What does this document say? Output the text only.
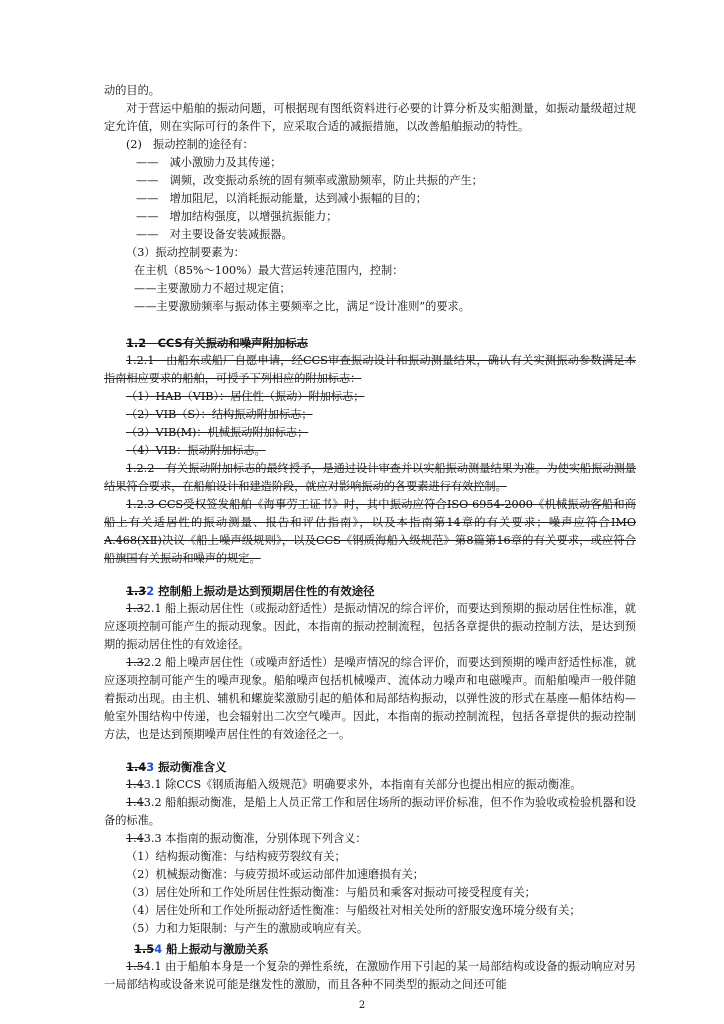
动的目的。

对于营运中船舶的振动问题，可根据现有图纸资料进行必要的计算分析及实船测量，如振动量级超过规定允许值，则在实际可行的条件下，应采取合适的减振措施，以改善船舶振动的特性。

(2)　振动控制的途径有：

——　减小激励力及其传递；

——　调频，改变振动系统的固有频率或激励频率，防止共振的产生；

——　增加阻尼，以消耗振动能量，达到减小振幅的目的；

——　增加结构强度，以增强抗振能力；

——　对主要设备安装减振器。

（3）振动控制要素为：

在主机（85%～100%）最大营运转速范围内，控制：

——主要激励力不超过规定值；

——主要激励频率与振动体主要频率之比，满足“设计准则”的要求。

1.2　CCS有关振动和噪声附加标志

1.2.1　由船东或船厂自愿申请，经CCS审查振动设计和振动测量结果，确认有关实测振动参数满足本指南相应要求的船舶，可授予下列相应的附加标志：

（1）HAB（VIB）：居住性（振动）附加标志；

（2）VIB（S）：结构振动附加标志；

（3）VIB(M)：机械振动附加标志；

（4）VIB：振动附加标志。

1.2.2　有关振动附加标志的最终授予，是通过设计审查并以实船振动测量结果为准。为使实船振动测量结果符合要求，在船舶设计和建造阶段，就应对影响振动的各要素进行有效控制。

1.2.3 CCS受权签发船舶《海事劳工证书》时，其中振动应符合ISO 6954-2000《机械振动客船和商船上有关适居性的振动测量、报告和评估指南》，以及本指南第14章的有关要求；噪声应符合IMO A.468(ⅩⅡ)决议《船上噪声级规则》，以及CCS《钢质海船入级规范》第8篇第16章的有关要求，或应符合船旗国有关振动和噪声的规定。

1.32 控制船上振动是达到预期居住性的有效途径

1.32.1 船上振动居住性（或振动舒适性）是振动情况的综合评价，而要达到预期的振动居住性标准，就应逐项控制可能产生的振动现象。因此，本指南的振动控制流程，包括各章提供的振动控制方法，是达到预期的振动居住性的有效途径。

1.32.2 船上噪声居住性（或噪声舒适性）是噪声情况的综合评价，而要达到预期的噪声舒适性标准，就应逐项控制可能产生的噪声现象。船舶噪声包括机械噪声、流体动力噪声和电磁噪声。而船舶噪声一般伴随着振动出现。由主机、辅机和螺旋桨激励引起的船体和局部结构振动，以弹性波的形式在基座—船体结构—舱室外围结构中传递，也会辐射出二次空气噪声。因此，本指南的振动控制流程，包括各章提供的振动控制方法，也是达到预期噪声居住性的有效途径之一。

1.43 振动衡准含义

1.43.1 除CCS《钢质海船入级规范》明确要求外，本指南有关部分也提出相应的振动衡准。

1.43.2 船舶振动衡准，是船上人员正常工作和居住场所的振动评价标准，但不作为验收或检验机器和设备的标准。

1.43.3 本指南的振动衡准，分别体现下列含义：

（1）结构振动衡准：与结构疲劳裂纹有关；

（2）机械振动衡准：与疲劳损坏或运动部件加速磨损有关；

（3）居住处所和工作处所居住性振动衡准：与船员和乘客对振动可接受程度有关；

（4）居住处所和工作处所振动舒适性衡准：与船级社对相关处所的舒服安逸环境分级有关；

（5）力和力矩限制：与产生的激励或响应有关。

1.54 船上振动与激励关系

1.54.1 由于船舶本身是一个复杂的弹性系统，在激励作用下引起的某一局部结构或设备的振动响应对另一局部结构或设备来说可能是继发性的激励，而且各种不同类型的振动之间还可能

2
